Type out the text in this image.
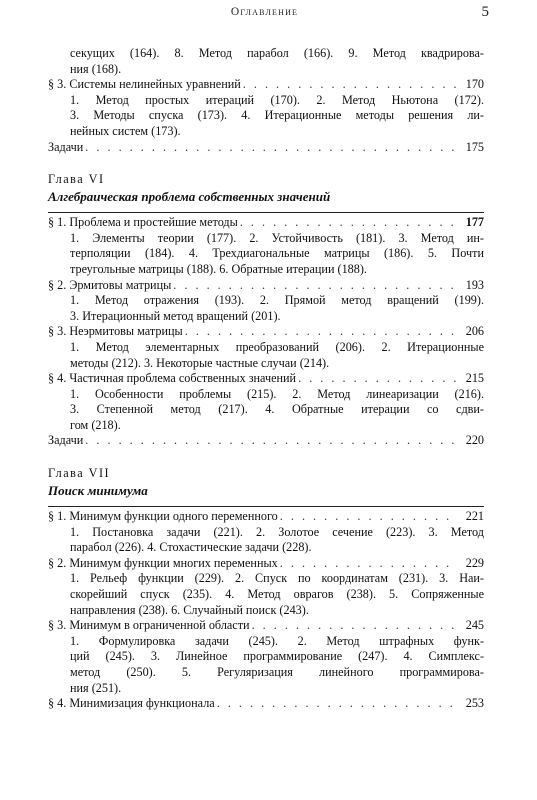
Оглавление	5
секущих (164). 8. Метод парабол (166). 9. Метод квадрирова-
ния (168).
§ 3. Системы нелинейных уравнений . . .	170
1. Метод простых итераций (170). 2. Метод Ньютона (172).
3. Методы спуска (173). 4. Итерационные методы решения ли-
нейных систем (173).
Задачи . . .	175
Глава VI
Алгебраическая проблема собственных значений
§ 1. Проблема и простейшие методы . . .	177
1. Элементы теории (177). 2. Устойчивость (181). 3. Метод ин-
терполяции (184). 4. Трехдиагональные матрицы (186). 5. Почти
треугольные матрицы (188). 6. Обратные итерации (188).
§ 2. Эрмитовы матрицы . . .	193
1. Метод отражения (193). 2. Прямой метод вращений (199).
3. Итерационный метод вращений (201).
§ 3. Неэрмитовы матрицы . . .	206
1. Метод элементарных преобразований (206). 2. Итерационные
методы (212). 3. Некоторые частные случаи (214).
§ 4. Частичная проблема собственных значений . . .	215
1. Особенности проблемы (215). 2. Метод линеаризации (216).
3. Степенной метод (217). 4. Обратные итерации со сдви-
гом (218).
Задачи . . .	220
Глава VII
Поиск минимума
§ 1. Минимум функции одного переменного . . .	221
1. Постановка задачи (221). 2. Золотое сечение (223). 3. Метод
парабол (226). 4. Стохастические задачи (228).
§ 2. Минимум функции многих переменных . . .	229
1. Рельеф функции (229). 2. Спуск по координатам (231). 3. Наи-
скорейший спуск (235). 4. Метод оврагов (238). 5. Сопряженные
направления (238). 6. Случайный поиск (243).
§ 3. Минимум в ограниченной области . . .	245
1. Формулировка задачи (245). 2. Метод штрафных функ-
ций (245). 3. Линейное программирование (247). 4. Симплекс-
метод (250). 5. Регуляризация линейного программирова-
ния (251).
§ 4. Минимизация функционала . . .	253
